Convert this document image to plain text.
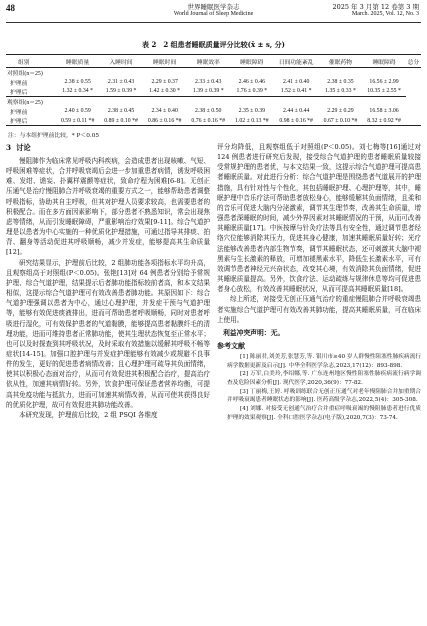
48	世界睡眠医学杂志
World Journal of Sleep Medicine
2025 年 3 月第 12 卷第 3 期
March. 2025, Vol. 12, No. 3
表 2　2 组患者睡眠质量评分比较(x̄ ± s, 分)
组别	睡眠质量	入睡时间	睡眠时间	睡眠效率	睡眠障碍	日间功能紊乱	催眠药物	睡眠障碍	总分
对照组(n＝25)									
护理前	2.38 ± 0.55	2.31 ± 0.43	2.29 ± 0.37	2.33 ± 0.43	2.46 ± 0.46	2.41 ± 0.40	2.38 ± 0.35	16.56 ± 2.99	
护理后	1.32 ± 0.34 *	1.59 ± 0.39 *	1.42 ± 0.30 *	1.39 ± 0.39 *	1.76 ± 0.39 *	1.52 ± 0.41 *	1.35 ± 0.33 *	10.35 ± 2.55 *	
观察组(n＝25)									
护理前	2.40 ± 0.59	2.38 ± 0.45	2.34 ± 0.40	2.38 ± 0.50	2.35 ± 0.39	2.44 ± 0.44	2.29 ± 0.29	16.58 ± 3.06	
护理后	0.59 ± 0.11 *#	0.89 ± 0.10 *#	0.86 ± 0.16 *#	0.76 ± 0.16 *#	1.02 ± 0.13 *#	0.98 ± 0.16 *#	0.67 ± 0.10 *#	8.32 ± 0.92 *#	
注：与本组护理前比较，* P＜0.05
3 讨论

慢阻肺作为临床常见呼吸内科疾病，会造成患者出现咳嗽、气短、呼吸困难等症状，合并呼吸衰竭后会进一步加重患者病情，诱发呼吸困难、发绀、谵妄、扑翼样震颤等症状，致命疗程为困难[6-8]。无创正压通气是治疗慢阻肺合并呼吸衰竭的重要方式之一，能够帮助患者调整呼吸指标，协助其自主呼吸，但其对护理人员要求较高，也需要患者的积极配合。而在多方面因素影响下，部分患者不熟悉知识，常会出现焦虑等情绪，从而引发睡眠障碍，严重影响治疗效果[9-11]。综合气道护理是以患者为中心实施的一种优质化护理措施，可通过指导其排痰、拍背、翻身等活动促进其呼吸顺畅，减少并发症，能够提高其生命质量[12]。

研究结果显示，护理前后比较，2 组肺功能各项指标水平均升高，且观察组高于对照组(P＜0.05)。张艳[13]对 64 例患者分别给予常规护理、综合气道护理，结果提示后者肺功能指标较前者高，和本文结果相似，这提示综合气道护理可有效改善患者肺功能。其原因如下：综合气道护理强调以患者为中心，通过心理护理，并发症干预与气道护理等，能够有效促进痰液排出，进而可帮助患者呼吸顺畅，同时对患者呼吸进行湿化，可有效保护患者的气道黏膜，能够提高患者黏膜纤毛的清理功能，进而可维持患者正常肺功能，使其生理状态恢复至正常水平；也可以及时探查到其呼吸状况，及时采取有效措施以缓解其呼吸不畅等症状[14-15]。加强口腔护理与并发症护理能够有效减少或规避不良事件的发生，更好的促进患者病情改善；且心理护理可疏导其负面情绪，使其以积极心态面对治疗，从而可有效促进其积极配合治疗，提高治疗依从性，加速其病情好转。另外，饮食护理可保证患者营养均衡，可提高其免疫功能与抵抗力，进而可加速其病情改善，从而可使其获得良好的优质化护理，故可有效促进其肺功能改善。

本研究发现，护理前后比较，2 组 PSQI 各维度

评分均降低，且观察组低于对照组(P＜0.05)。刘七梅等[16]通过对 124 例患者进行研究后发现，接受综合气道护理的患者睡眠质量较接受常规护理的患者优，与本文结果一致，这提示综合气道护理可提高患者睡眠质量。对此进行分析：综合气道护理是围绕患者气道展开的护理措施，具有针对性与个性化，其包括睡眠护理、心理护理等，其中，睡眠护理中音乐疗法可帮助患者放松身心，能够缓解其负面情绪，且柔和的音乐可促进大脑内分泌激素，调节其生理节奏，改善其生命质量，增强患者深睡眠的时间，减少外界因素对其睡眠情况的干预，从而可改善其睡眠质量[17]。中医按摩与针灸疗法等具有安全性，通过调节患者经络穴位能够消除其压力，促进其身心健康，加速其睡眠质量好转；光疗法能够改善患者内部生物节奏，调节其睡眠状态，还可刺激其大脑中褪黑素与生长激素的释放，可增加褪黑素水平，降低生长激素水平，可有效调节患者神经元兴奋状态，改变其心境，有效消除其负面情绪，促进其睡眠质量提高。另外，饮食疗法、运动疏练与规律休息等均可促进患者身心放松，有效改善其睡眠状况，从而可提高其睡眠质量[18]。

综上所述，对接受无创正压通气治疗的重症慢阻肺合并呼吸衰竭患者实施综合气道护理可有效改善其肺功能，提高其睡眠质量，可在临床上使用。

利益冲突声明：无。
参考文献

[1] 陈丽君,刘美芳,张慧芳,等. 银川市≥40 岁人群慢性阻塞性肺疾病流行病学数据更新及启示[J]. 中华全科医学杂志,2023,17(12)：893-898.

[2] 万军,白美玲,李绍娜,等. 广东连州地区慢性阻塞性肺疾病流行病学调查及危险因素分析[J]. 现代医学,2020,36(9)：77-82.

[3] 丁丽梅,王婷. 呼吸训练联合无创正压通气对老年慢阻肺合并加重期合并呼吸衰竭患者睡眠状态的影响[J]. 医药高级学杂志,2022,5(4)：305-308.

[4] 刘娜. 对接受无创通气治疗合并重症呼吸衰竭的慢阻肺患者进行优质护理的效果观察[J]. 全科口腔医学杂志(电子版),2020,7(3)：73-74.
